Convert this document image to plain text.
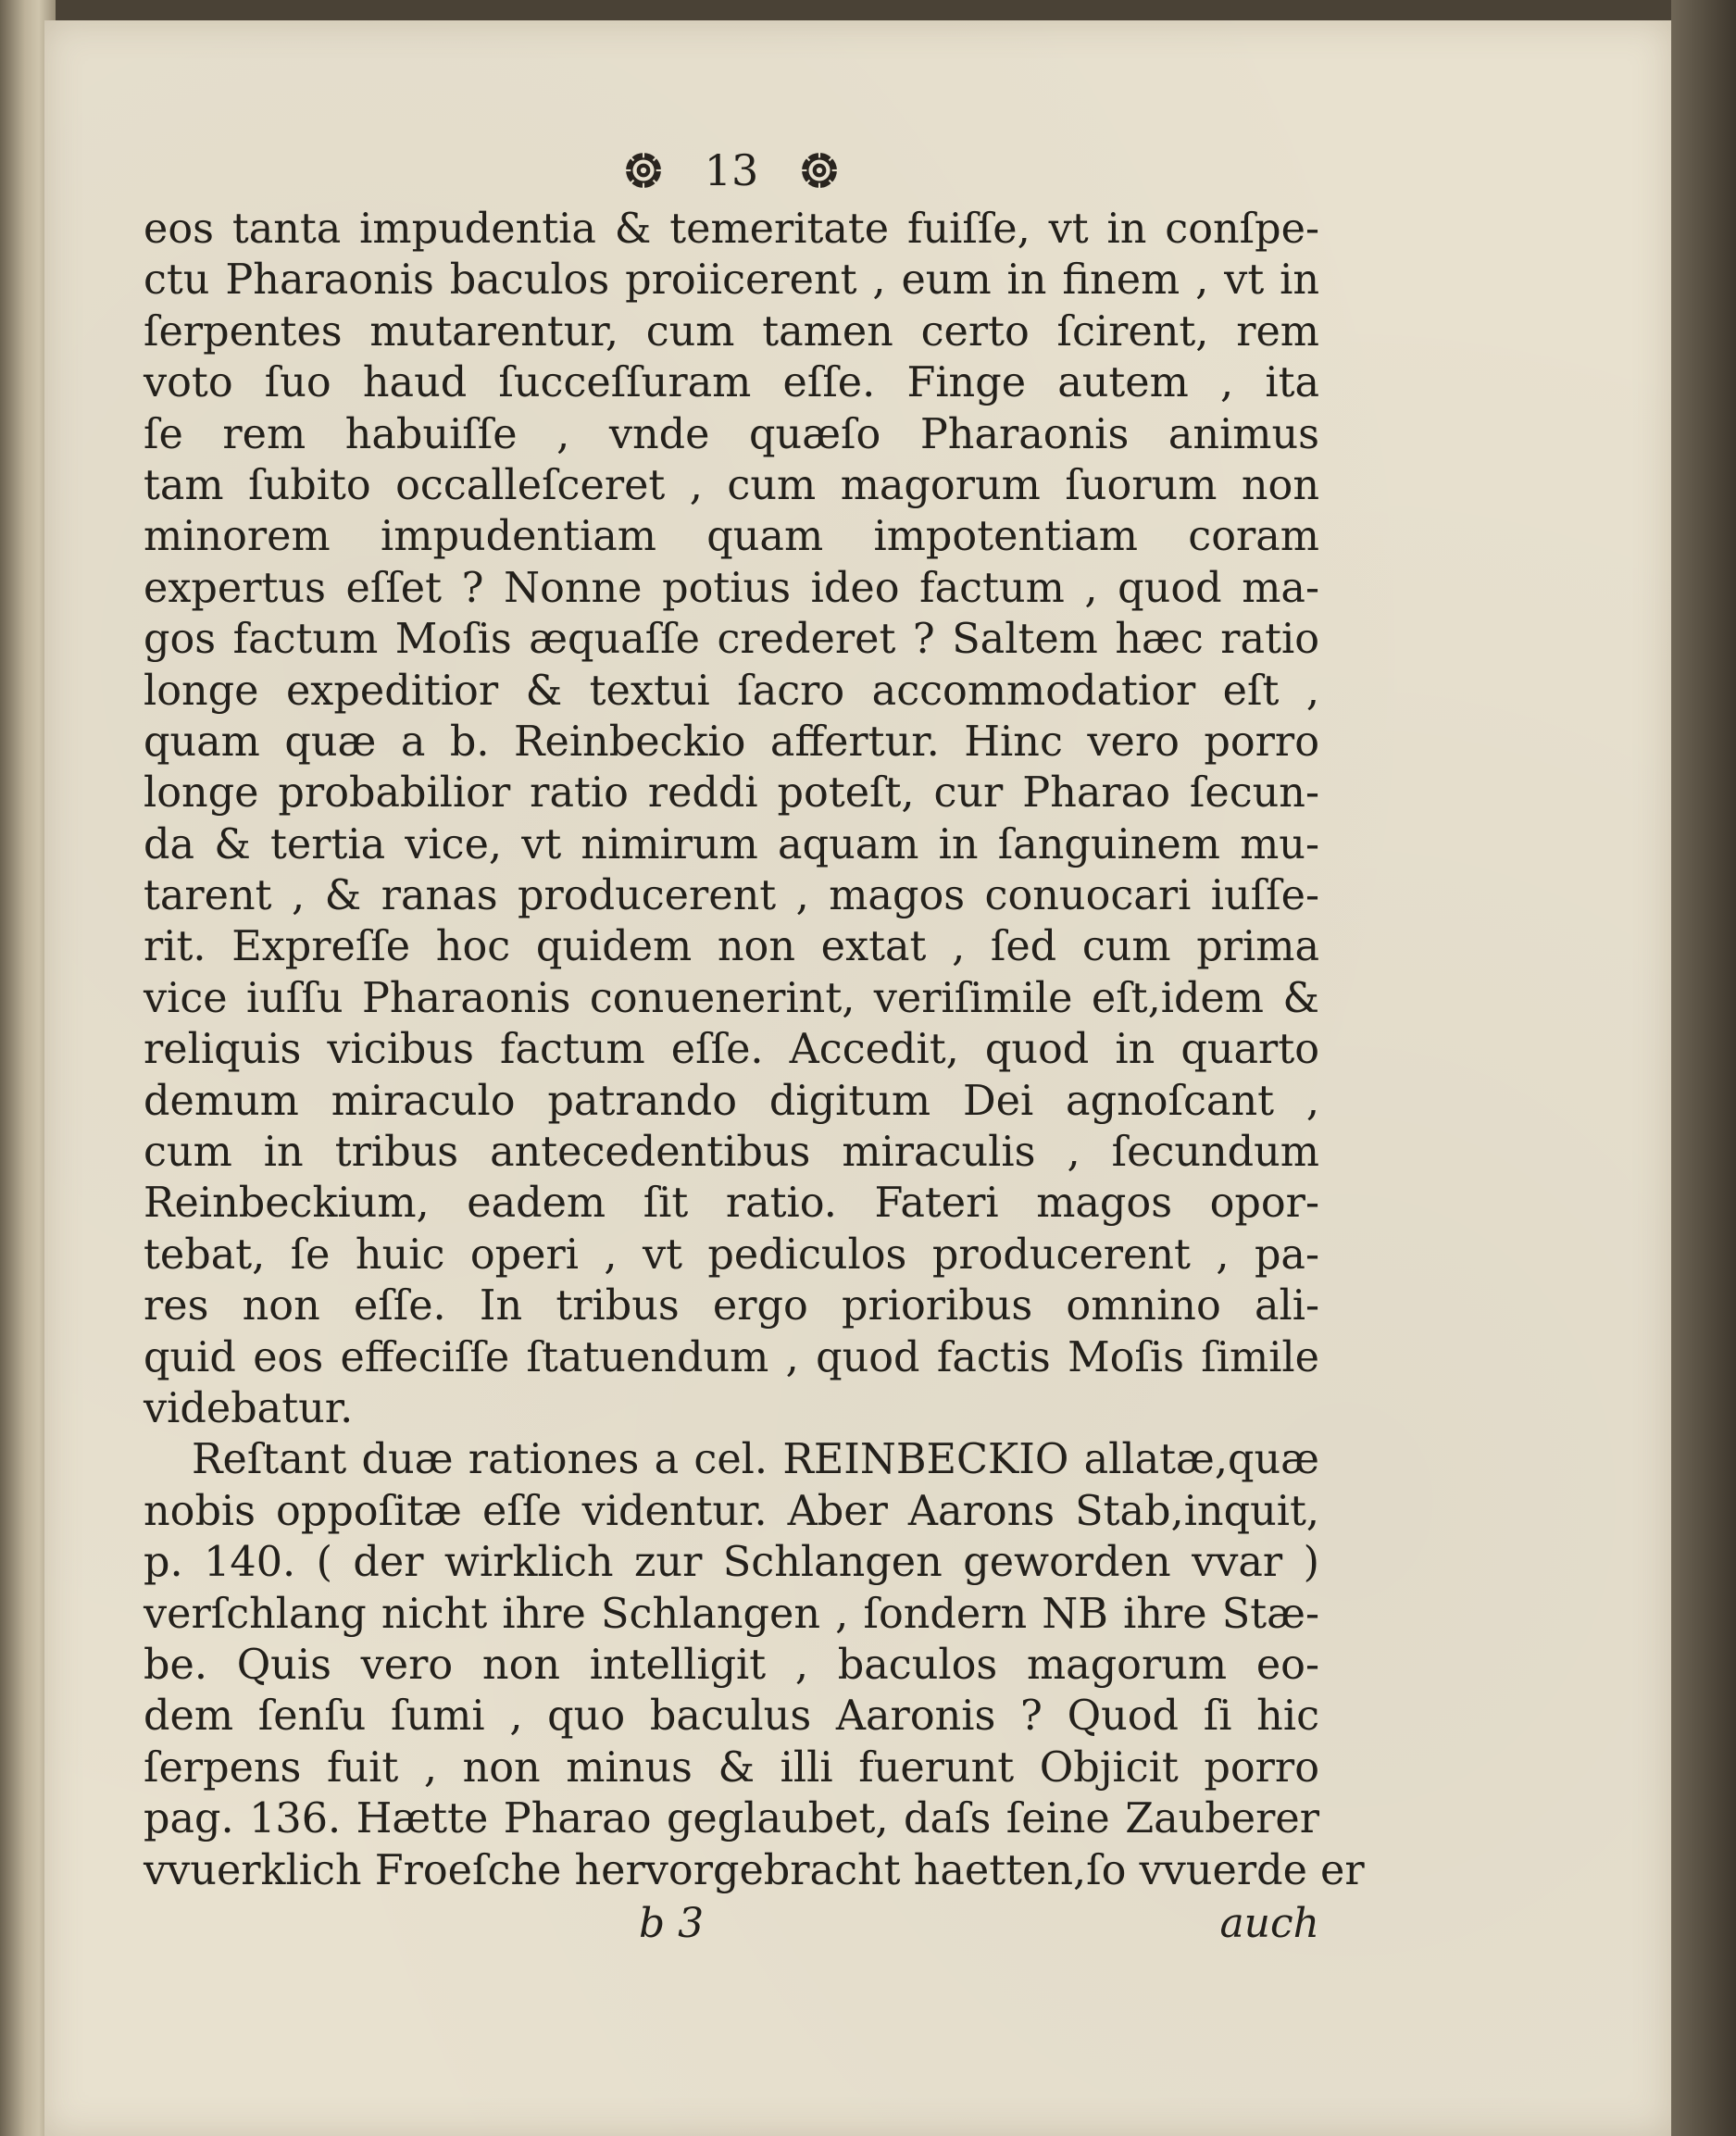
13
eos tanta impudentia & temeritate fuiſſe, vt in conſpe-
ctu Pharaonis baculos proiicerent , eum in finem , vt in
ſerpentes mutarentur, cum tamen certo ſcirent, rem
voto ſuo haud ſucceſſuram eſſe. Finge autem , ita
ſe rem habuiſſe , vnde quæſo Pharaonis animus
tam ſubito occalleſceret , cum magorum ſuorum non
minorem impudentiam quam impotentiam coram
expertus eſſet ? Nonne potius ideo factum , quod ma-
gos factum Moſis æquaſſe crederet ? Saltem hæc ratio
longe expeditior & textui ſacro accommodatior eſt ,
quam quæ a b. Reinbeckio affertur. Hinc vero porro
longe probabilior ratio reddi poteſt, cur Pharao ſecun-
da & tertia vice, vt nimirum aquam in ſanguinem mu-
tarent , & ranas producerent , magos conuocari iuſſe-
rit. Expreſſe hoc quidem non extat , ſed cum prima
vice iuſſu Pharaonis conuenerint, veriſimile eſt,idem &
reliquis vicibus factum eſſe. Accedit, quod in quarto
demum miraculo patrando digitum Dei agnoſcant ,
cum in tribus antecedentibus miraculis , ſecundum
Reinbeckium, eadem ſit ratio. Fateri magos opor-
tebat, ſe huic operi , vt pediculos producerent , pa-
res non eſſe. In tribus ergo prioribus omnino ali-
quid eos effeciſſe ſtatuendum , quod factis Moſis ſimile
videbatur.
Reſtant duæ rationes a cel. REINBECKIO allatæ,quæ
nobis oppoſitæ eſſe videntur. Aber Aarons Stab,inquit,
p. 140. ( der wirklich zur Schlangen geworden vvar )
verſchlang nicht ihre Schlangen , ſondern NB ihre Stæ-
be. Quis vero non intelligit , baculos magorum eo-
dem ſenſu ſumi , quo baculus Aaronis ? Quod ſi hic
ſerpens fuit , non minus & illi fuerunt Objicit porro
pag. 136. Hætte Pharao geglaubet, daſs ſeine Zauberer
vvuerklich Froeſche hervorgebracht haetten,ſo vvuerde er
b 3	auch
